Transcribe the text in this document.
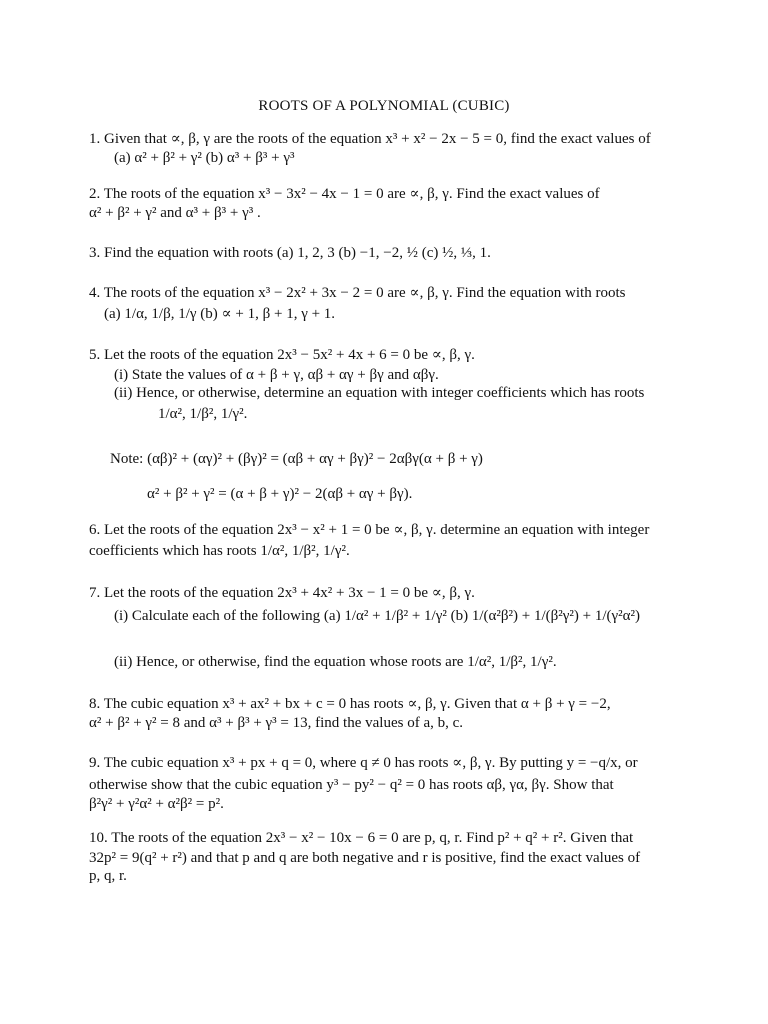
ROOTS OF A POLYNOMIAL (CUBIC)
1. Given that ∝, β, γ are the roots of the equation x³ + x² − 2x − 5 = 0, find the exact values of
(a) α² + β² + γ² (b) α³ + β³ + γ³
2. The roots of the equation x³ − 3x² − 4x − 1 = 0 are ∝, β, γ. Find the exact values of
α² + β² + γ² and α³ + β³ + γ³ .
3. Find the equation with roots (a) 1, 2, 3 (b) −1, −2, ½ (c) ½, ⅓, 1.
4. The roots of the equation x³ − 2x² + 3x − 2 = 0 are ∝, β, γ. Find the equation with roots
(a) 1/α, 1/β, 1/γ (b) ∝ + 1, β + 1, γ + 1.
5. Let the roots of the equation 2x³ − 5x² + 4x + 6 = 0 be ∝, β, γ.
(i) State the values of α + β + γ, αβ + αγ + βγ and αβγ.
(ii) Hence, or otherwise, determine an equation with integer coefficients which has roots
1/α², 1/β², 1/γ².
Note: (αβ)² + (αγ)² + (βγ)² = (αβ + αγ + βγ)² − 2αβγ(α + β + γ)
α² + β² + γ² = (α + β + γ)² − 2(αβ + αγ + βγ).
6. Let the roots of the equation 2x³ − x² + 1 = 0 be ∝, β, γ. determine an equation with integer
coefficients which has roots 1/α², 1/β², 1/γ².
7. Let the roots of the equation 2x³ + 4x² + 3x − 1 = 0 be ∝, β, γ.
(i) Calculate each of the following (a) 1/α² + 1/β² + 1/γ² (b) 1/(α²β²) + 1/(β²γ²) + 1/(γ²α²)
(ii) Hence, or otherwise, find the equation whose roots are 1/α², 1/β², 1/γ².
8. The cubic equation x³ + ax² + bx + c = 0 has roots ∝, β, γ. Given that α + β + γ = −2,
α² + β² + γ² = 8 and α³ + β³ + γ³ = 13, find the values of a, b, c.
9. The cubic equation x³ + px + q = 0, where q ≠ 0 has roots ∝, β, γ. By putting y = −q/x, or
otherwise show that the cubic equation y³ − py² − q² = 0 has roots αβ, γα, βγ. Show that
β²γ² + γ²α² + α²β² = p².
10. The roots of the equation 2x³ − x² − 10x − 6 = 0 are p, q, r. Find p² + q² + r². Given that
32p² = 9(q² + r²) and that p and q are both negative and r is positive, find the exact values of
p, q, r.
